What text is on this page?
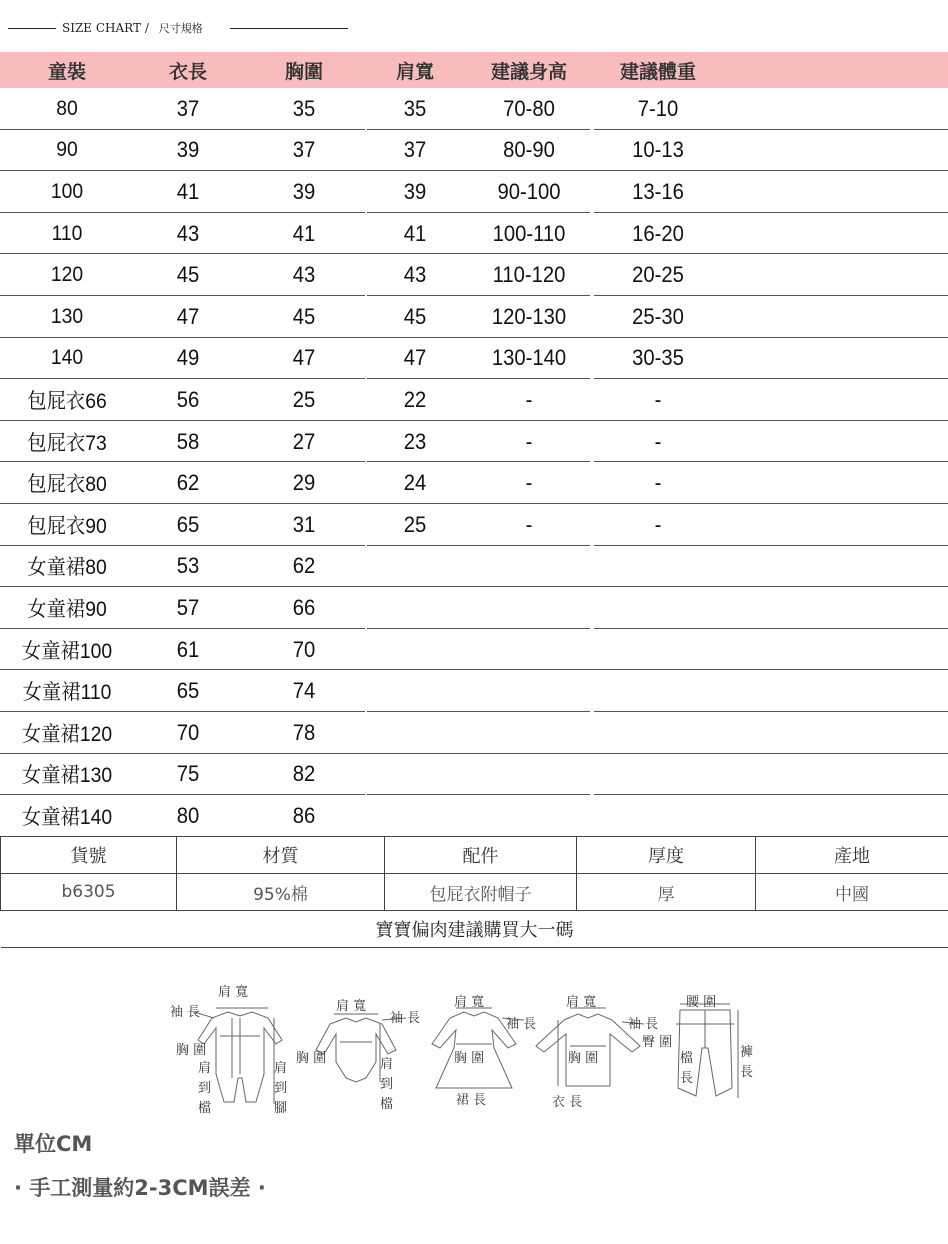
SIZE CHART / 尺寸規格
童裝	衣長	胸圍	肩寬	建議身高	建議體重
80	37	35	35	70-80	7-10
90	39	37	37	80-90	10-13
100	41	39	39	90-100	13-16
110	43	41	41	100-110	16-20
120	45	43	43	110-120	20-25
130	47	45	45	120-130	25-30
140	49	47	47	130-140	30-35
包屁衣66	56	25	22	-	-
包屁衣73	58	27	23	-	-
包屁衣80	62	29	24	-	-
包屁衣90	65	31	25	-	-
女童裙80	53	62
女童裙90	57	66
女童裙100	61	70
女童裙110	65	74
女童裙120	70	78
女童裙130	75	82
女童裙140	80	86
貨號	材質	配件	厚度	產地
b6305	95%棉	包屁衣附帽子	厚	中國
寶寶偏肉建議購買大一碼				
肩 寬
袖 長
胸 圍
肩
到
檔
肩
到
腳
肩 寬
袖 長
胸 圍	肩
到
檔
肩 寬
袖 長
胸 圍
裙 長
肩 寬
袖 長
胸 圍
衣 長
腰 圍
臀 圍
檔
長
褲
長
單位CM
· 手工測量約2-3CM誤差 ·
